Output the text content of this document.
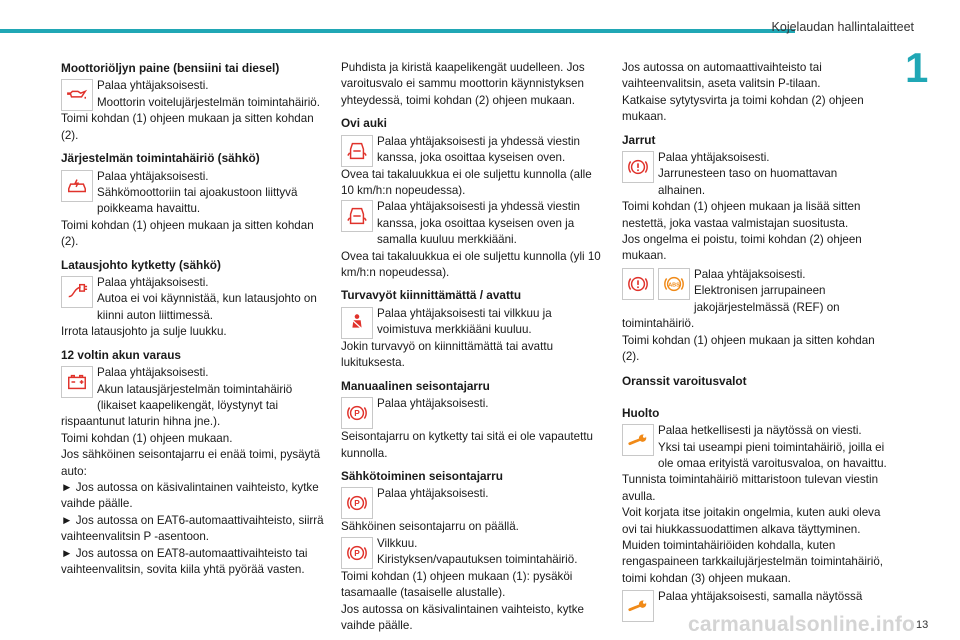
Kojelaudan hallintalaitteet
1
Moottoriöljyn paine (bensiini tai diesel)
Palaa yhtäjaksoisesti.
Moottorin voitelujärjestelmän toimintahäiriö.
Toimi kohdan (1) ohjeen mukaan ja sitten kohdan (2).
Järjestelmän toimintahäiriö (sähkö)
Palaa yhtäjaksoisesti.
Sähkömoottoriin tai ajoakustoon liittyvä poikkeama havaittu.
Toimi kohdan (1) ohjeen mukaan ja sitten kohdan (2).
Latausjohto kytketty (sähkö)
Palaa yhtäjaksoisesti.
Autoa ei voi käynnistää, kun latausjohto on kiinni auton liittimessä.
Irrota latausjohto ja sulje luukku.
12 voltin akun varaus
Palaa yhtäjaksoisesti.
Akun latausjärjestelmän toimintahäiriö (likaiset kaapelikengät, löystynyt tai rispaantunut laturin hihna jne.).
Toimi kohdan (1) ohjeen mukaan.
Jos sähköinen seisontajarru ei enää toimi, pysäytä auto:
► Jos autossa on käsivalintainen vaihteisto, kytke vaihde päälle.
► Jos autossa on EAT6-automaattivaihteisto, siirrä vaihteenvalitsin P -asentoon.
► Jos autossa on EAT8-automaattivaihteisto tai vaihteenvalitsin, sovita kiila yhtä pyörää vasten.
Puhdista ja kiristä kaapelikengät uudelleen. Jos varoitusvalo ei sammu moottorin käynnistyksen yhteydessä, toimi kohdan (2) ohjeen mukaan.
Ovi auki
Palaa yhtäjaksoisesti ja yhdessä viestin kanssa, joka osoittaa kyseisen oven.
Ovea tai takaluukkua ei ole suljettu kunnolla (alle 10 km/h:n nopeudessa).
Palaa yhtäjaksoisesti ja yhdessä viestin kanssa, joka osoittaa kyseisen oven ja samalla kuuluu merkkiääni.
Ovea tai takaluukkua ei ole suljettu kunnolla (yli 10 km/h:n nopeudessa).
Turvavyöt kiinnittämättä / avattu
Palaa yhtäjaksoisesti tai vilkkuu ja voimistuva merkkiääni kuuluu.
Jokin turvavyö on kiinnittämättä tai avattu lukituksesta.
Manuaalinen seisontajarru
P
Palaa yhtäjaksoisesti.
Seisontajarru on kytketty tai sitä ei ole vapautettu kunnolla.
Sähkötoiminen seisontajarru
P
Palaa yhtäjaksoisesti.
Sähköinen seisontajarru on päällä.
P
Vilkkuu.
Kiristyksen/vapautuksen toimintahäiriö.
Toimi kohdan (1) ohjeen mukaan (1): pysäköi tasamaalle (tasaiselle alustalle).
Jos autossa on käsivalintainen vaihteisto, kytke vaihde päälle.
Jos autossa on automaattivaihteisto tai vaihteenvalitsin, aseta valitsin P-tilaan.
Katkaise sytytysvirta ja toimi kohdan (2) ohjeen mukaan.
Jarrut
Palaa yhtäjaksoisesti.
Jarrunesteen taso on huomattavan alhainen.
Toimi kohdan (1) ohjeen mukaan ja lisää sitten nestettä, joka vastaa valmistajan suositusta.
Jos ongelma ei poistu, toimi kohdan (2) ohjeen mukaan.
ABS
Palaa yhtäjaksoisesti.
Elektronisen jarrupaineen jakojärjestelmässä (REF) on toimintahäiriö.
Toimi kohdan (1) ohjeen mukaan ja sitten kohdan (2).
Oranssit varoitusvalot
Huolto
Palaa hetkellisesti ja näytössä on viesti.
Yksi tai useampi pieni toimintahäiriö, joilla ei ole omaa erityistä varoitusvaloa, on havaittu.
Tunnista toimintahäiriö mittaristoon tulevan viestin avulla.
Voit korjata itse joitakin ongelmia, kuten auki oleva ovi tai hiukkassuodattimen alkava täyttyminen.
Muiden toimintahäiriöiden kohdalla, kuten rengaspaineen tarkkailujärjestelmän toimintahäiriö, toimi kohdan (3) ohjeen mukaan.
Palaa yhtäjaksoisesti, samalla näytössä
carmanualsonline.info 13
